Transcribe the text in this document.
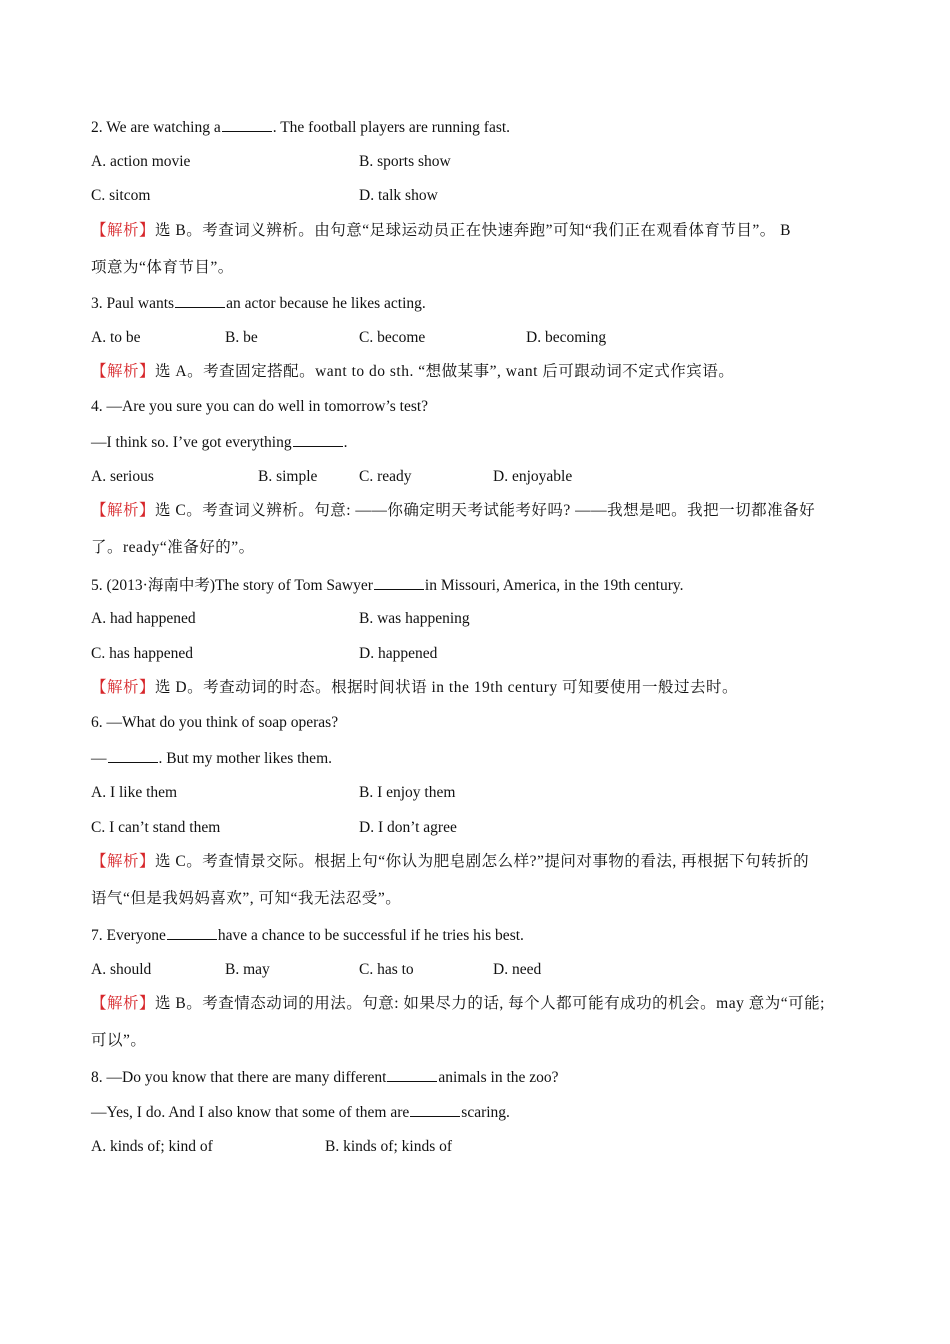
2. We are watching a	. The football players are running fast.
A. action movie	B. sports show
C. sitcom	D. talk show
【解析】选 B。考查词义辨析。由句意“足球运动员正在快速奔跑”可知“我们正在观看体育节目”。 B
项意为“体育节目”。
3. Paul wants	an actor because he likes acting.
A. to be	B. be	C. become	D. becoming
【解析】选 A。考查固定搭配。want to do sth. “想做某事”, want 后可跟动词不定式作宾语。
4. —Are you sure you can do well in tomorrow’s test?
—I think so. I’ve got everything	.
A. serious	B. simple	C. ready	D. enjoyable
【解析】选 C。考查词义辨析。句意: ——你确定明天考试能考好吗? ——我想是吧。我把一切都准备好
了。ready“准备好的”。
5. (2013·海南中考)The story of Tom Sawyer	in Missouri, America, in the 19th century.
A. had happened	B. was happening
C. has happened	D. happened
【解析】选 D。考查动词的时态。根据时间状语 in the 19th century 可知要使用一般过去时。
6. —What do you think of soap operas?
—	. But my mother likes them.
A. I like them	B. I enjoy them
C. I can’t stand them	D. I don’t agree
【解析】选 C。考查情景交际。根据上句“你认为肥皂剧怎么样?”提问对事物的看法, 再根据下句转折的
语气“但是我妈妈喜欢”, 可知“我无法忍受”。
7. Everyone	have a chance to be successful if he tries his best.
A. should	B. may	C. has to	D. need
【解析】选 B。考查情态动词的用法。句意: 如果尽力的话, 每个人都可能有成功的机会。may 意为“可能;
可以”。
8. —Do you know that there are many different	animals in the zoo?
—Yes, I do. And I also know that some of them are	scaring.
A. kinds of; kind of	B. kinds of; kinds of
